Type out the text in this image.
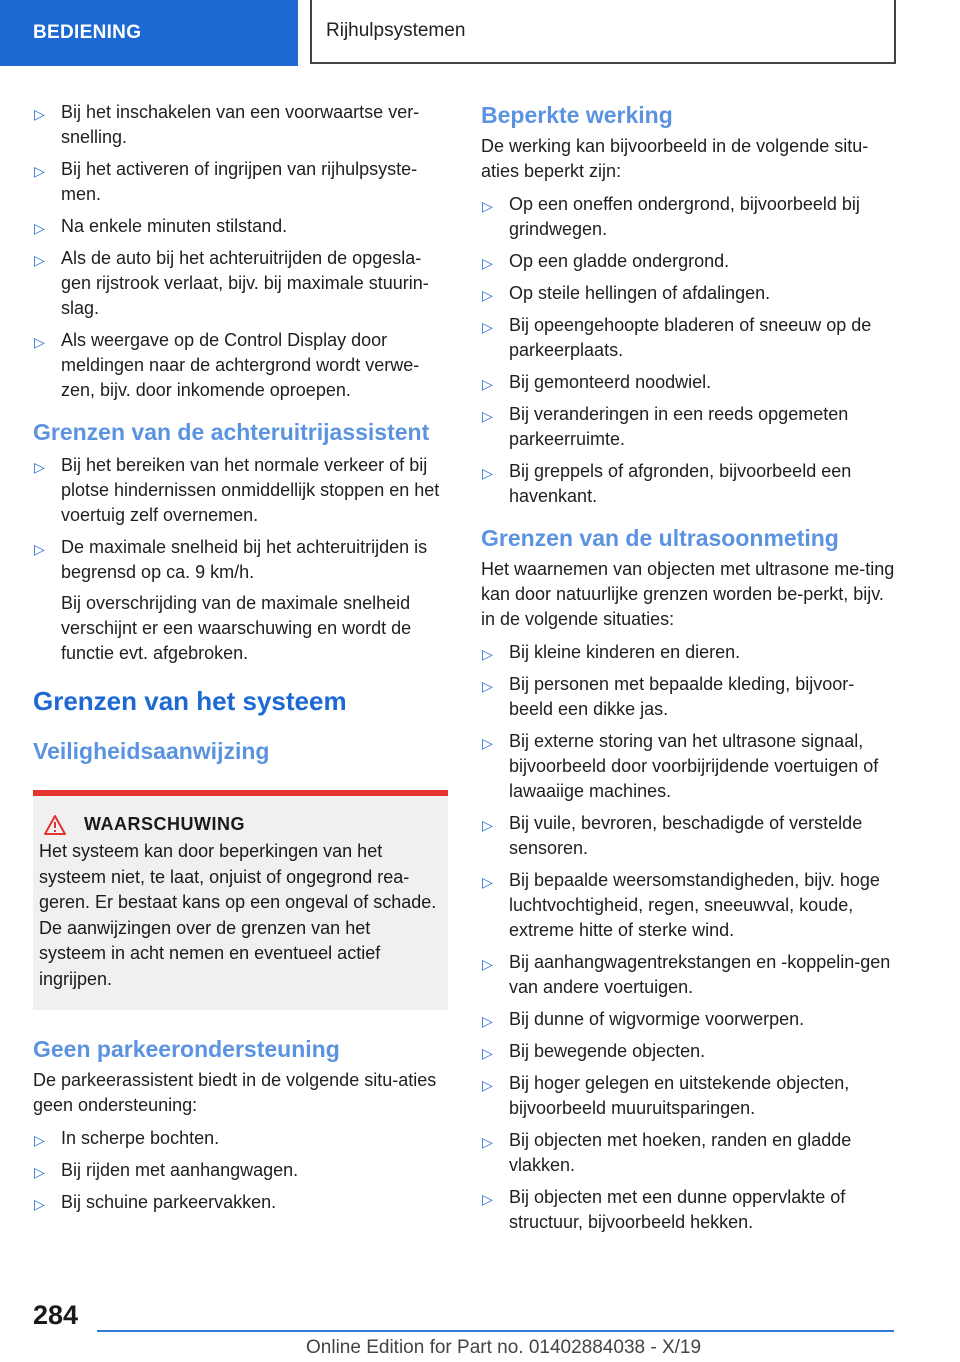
BEDIENING	Rijhulpsystemen
▷ Bij het inschakelen van een voorwaartse ver-snelling.
▷ Bij het activeren of ingrijpen van rijhulpsyste-men.
▷ Na enkele minuten stilstand.
▷ Als de auto bij het achteruitrijden de opgesla-gen rijstrook verlaat, bijv. bij maximale stuurin-slag.
▷ Als weergave op de Control Display door meldingen naar de achtergrond wordt verwe-zen, bijv. door inkomende oproepen.
Grenzen van de achteruitrijassistent
▷ Bij het bereiken van het normale verkeer of bij plotse hindernissen onmiddellijk stoppen en het voertuig zelf overnemen.
▷ De maximale snelheid bij het achteruitrijden is begrensd op ca. 9 km/h.

Bij overschrijding van de maximale snelheid verschijnt er een waarschuwing en wordt de functie evt. afgebroken.

Grenzen van het systeem
Veiligheidsaanwijzing
WAARSCHUWING

Het systeem kan door beperkingen van het systeem niet, te laat, onjuist of ongegrond rea-geren. Er bestaat kans op een ongeval of schade. De aanwijzingen over de grenzen van het systeem in acht nemen en eventueel actief ingrijpen.

Geen parkeerondersteuning

De parkeerassistent biedt in de volgende situ-aties geen ondersteuning:

▷ In scherpe bochten.
▷ Bij rijden met aanhangwagen.
▷ Bij schuine parkeervakken.
Beperkte werking

De werking kan bijvoorbeeld in de volgende situ-aties beperkt zijn:

▷ Op een oneffen ondergrond, bijvoorbeeld bij grindwegen.
▷ Op een gladde ondergrond.
▷ Op steile hellingen of afdalingen.
▷ Bij opeengehoopte bladeren of sneeuw op de parkeerplaats.
▷ Bij gemonteerd noodwiel.
▷ Bij veranderingen in een reeds opgemeten parkeerruimte.
▷ Bij greppels of afgronden, bijvoorbeeld een havenkant.
Grenzen van de ultrasoonmeting

Het waarnemen van objecten met ultrasone me-ting kan door natuurlijke grenzen worden be-perkt, bijv. in de volgende situaties:

▷ Bij kleine kinderen en dieren.
▷ Bij personen met bepaalde kleding, bijvoor-beeld een dikke jas.
▷ Bij externe storing van het ultrasone signaal, bijvoorbeeld door voorbijrijdende voertuigen of lawaaiige machines.
▷ Bij vuile, bevroren, beschadigde of verstelde sensoren.
▷ Bij bepaalde weersomstandigheden, bijv. hoge luchtvochtigheid, regen, sneeuwval, koude, extreme hitte of sterke wind.
▷ Bij aanhangwagentrekstangen en -koppelin-gen van andere voertuigen.
▷ Bij dunne of wigvormige voorwerpen.
▷ Bij bewegende objecten.
▷ Bij hoger gelegen en uitstekende objecten, bijvoorbeeld muuruitsparingen.
▷ Bij objecten met hoeken, randen en gladde vlakken.
▷ Bij objecten met een dunne oppervlakte of structuur, bijvoorbeeld hekken.
284
Online Edition for Part no. 01402884038 - X/19
